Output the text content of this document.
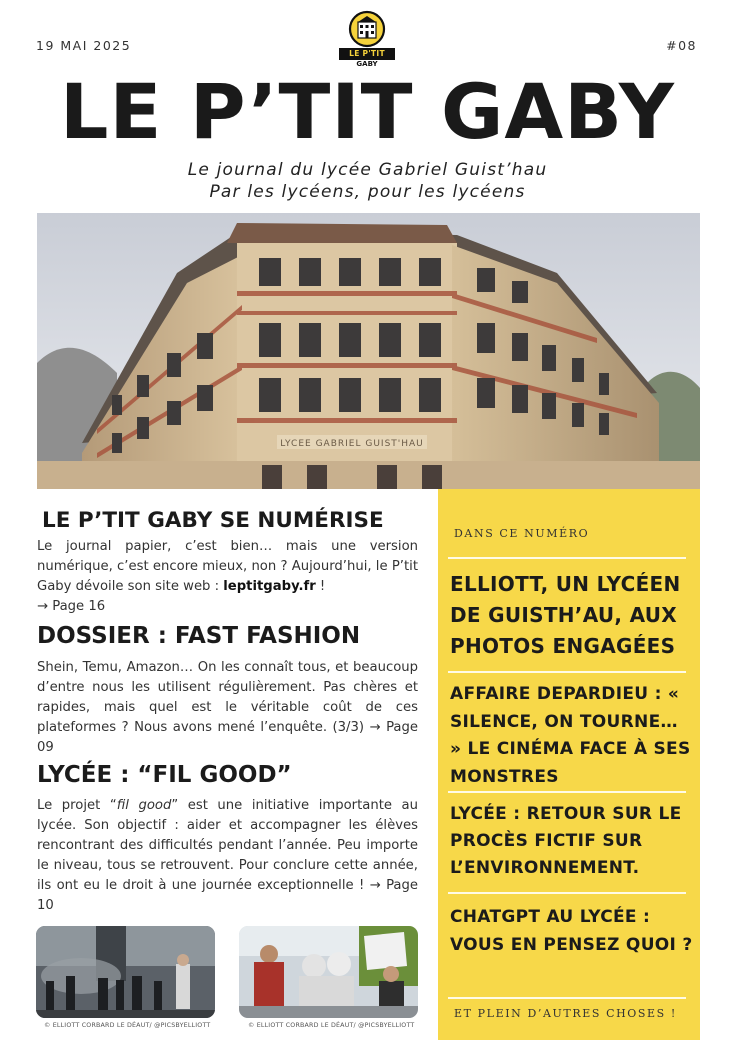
19 MAI 2025	#08
LE P'TIT
GABY
LE P’TIT GABY
Le journal du lycée Gabriel Guist’hau
Par les lycéens, pour les lycéens
LYCEE GABRIEL GUIST'HAU
LE P’TIT GABY SE NUMÉRISE
Le journal papier, c’est bien… mais une version numérique, c’est encore mieux, non ? Aujourd’hui, le P’tit Gaby dévoile son site web : leptitgaby.fr !
→ Page 16
DOSSIER : FAST FASHION
Shein, Temu, Amazon… On les connaît tous, et beaucoup d’entre nous les utilisent régulièrement. Pas chères et rapides, mais quel est le véritable coût de ces plateformes ? Nous avons mené l’enquête. (3/3) → Page 09
LYCÉE : “FIL GOOD”
Le projet “fil good” est une initiative importante au lycée. Son objectif : aider et accompagner les élèves rencontrant des difficultés pendant l’année. Peu importe le niveau, tous se retrouvent. Pour conclure cette année, ils ont eu le droit à une journée exceptionnelle ! → Page 10
DANS CE NUMÉRO
ELLIOTT, UN LYCÉEN DE GUISTH’AU, AUX PHOTOS ENGAGÉES
AFFAIRE DEPARDIEU : « SILENCE, ON TOURNE… » LE CINÉMA FACE À SES MONSTRES
LYCÉE : RETOUR SUR LE PROCÈS FICTIF SUR L’ENVIRONNEMENT.
CHATGPT AU LYCÉE : VOUS EN PENSEZ QUOI ?
ET PLEIN D’AUTRES CHOSES !
© ELLIOTT CORBARD LE DÉAUT/ @PICSBYELLIOTT	© ELLIOTT CORBARD LE DÉAUT/ @PICSBYELLIOTT
